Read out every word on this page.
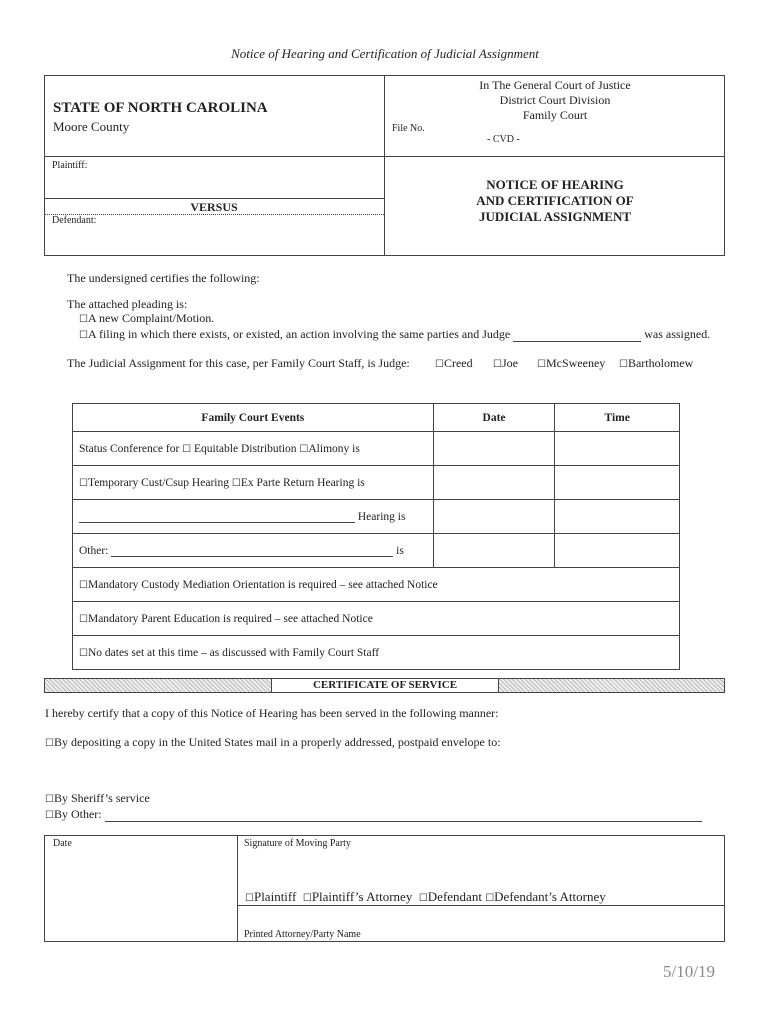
Notice of Hearing and Certification of Judicial Assignment
STATE OF NORTH CAROLINA
Moore County
In The General Court of Justice
District Court Division
Family Court
File No.
- CVD -
Plaintiff:
VERSUS
Defendant:
NOTICE OF HEARING
AND CERTIFICATION OF
JUDICIAL ASSIGNMENT
The undersigned certifies the following:
The attached pleading is:
☐A new Complaint/Motion.
☐A filing in which there exists, or existed, an action involving the same parties and Judge	was assigned.
The Judicial Assignment for this case, per Family Court Staff, is Judge:	☐Creed ☐Joe ☐McSweeney ☐Bartholomew
Family Court Events	Date	Time
Status Conference for ☐ Equitable Distribution ☐Alimony is		
☐Temporary Cust/Csup Hearing ☐Ex Parte Return Hearing is		
Hearing is		
Other: is		
☐Mandatory Custody Mediation Orientation is required – see attached Notice		
☐Mandatory Parent Education is required – see attached Notice		
☐No dates set at this time – as discussed with Family Court Staff		
CERTIFICATE OF SERVICE
I hereby certify that a copy of this Notice of Hearing has been served in the following manner:
☐By depositing a copy in the United States mail in a properly addressed, postpaid envelope to:
☐By Sheriff’s service
☐By Other:
Date	Signature of Moving Party
☐Plaintiff ☐Plaintiff’s Attorney ☐Defendant ☐Defendant’s Attorney
Printed Attorney/Party Name
5/10/19
